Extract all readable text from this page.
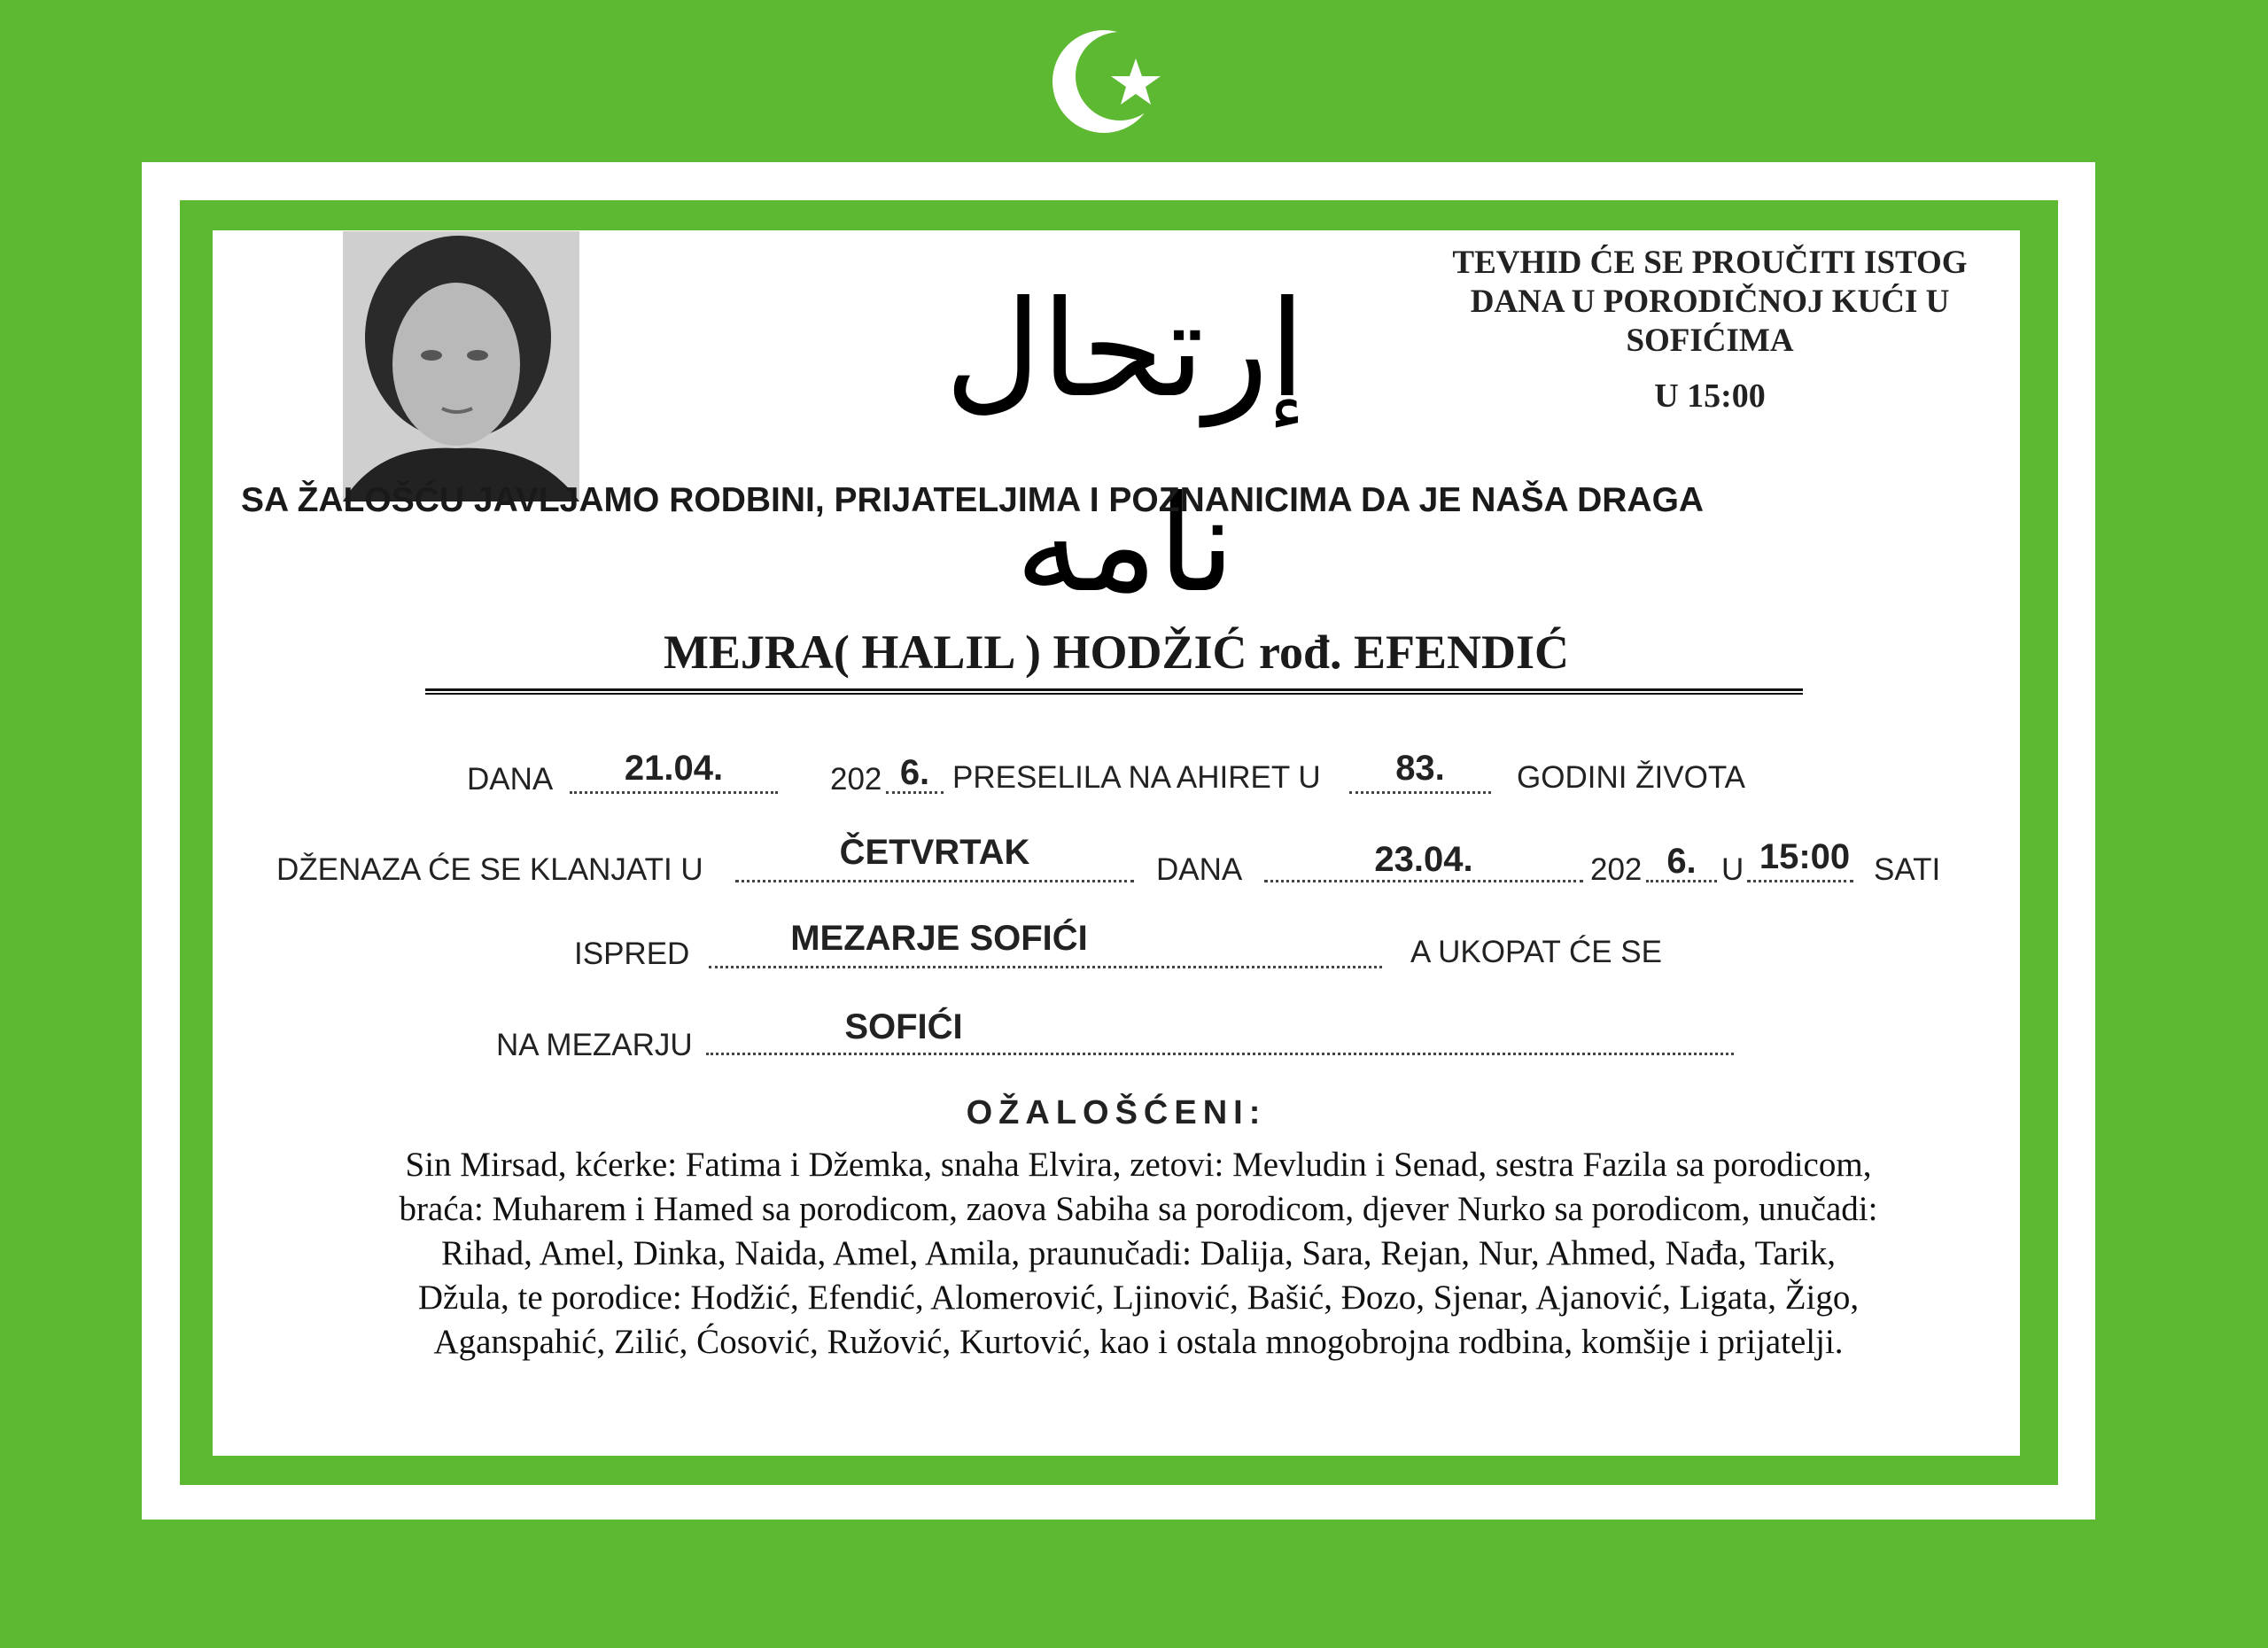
إرتحال نامه
TEVHID ĆE SE PROUČITI ISTOG
DANA U PORODIČNOJ KUĆI U
SOFIĆIMA
U 15:00
SA ŽALOŠĆU JAVLJAMO RODBINI, PRIJATELJIMA I POZNANICIMA DA JE NAŠA DRAGA
MEJRA( HALIL ) HODŽIĆ rođ. EFENDIĆ
DANA	21.04.	202 6. PRESELILA NA AHIRET U	83.	GODINI ŽIVOTA
DŽENAZA ĆE SE KLANJATI U	ČETVRTAK	DANA	23.04.	202 6. U 15:00 SATI
ISPRED	MEZARJE SOFIĆI	A UKOPAT ĆE SE
NA MEZARJU	SOFIĆI
OŽALOŠĆENI:
Sin Mirsad, kćerke: Fatima i Džemka, snaha Elvira, zetovi: Mevludin i Senad, sestra Fazila sa porodicom,
braća: Muharem i Hamed sa porodicom, zaova Sabiha sa porodicom, djever Nurko sa porodicom, unučadi:
Rihad, Amel, Dinka, Naida, Amel, Amila, praunučadi: Dalija, Sara, Rejan, Nur, Ahmed, Nađa, Tarik,
Džula, te porodice: Hodžić, Efendić, Alomerović, Ljinović, Bašić, Đozo, Sjenar, Ajanović, Ligata, Žigo,
Aganspahić, Zilić, Ćosović, Ružović, Kurtović, kao i ostala mnogobrojna rodbina, komšije i prijatelji.
